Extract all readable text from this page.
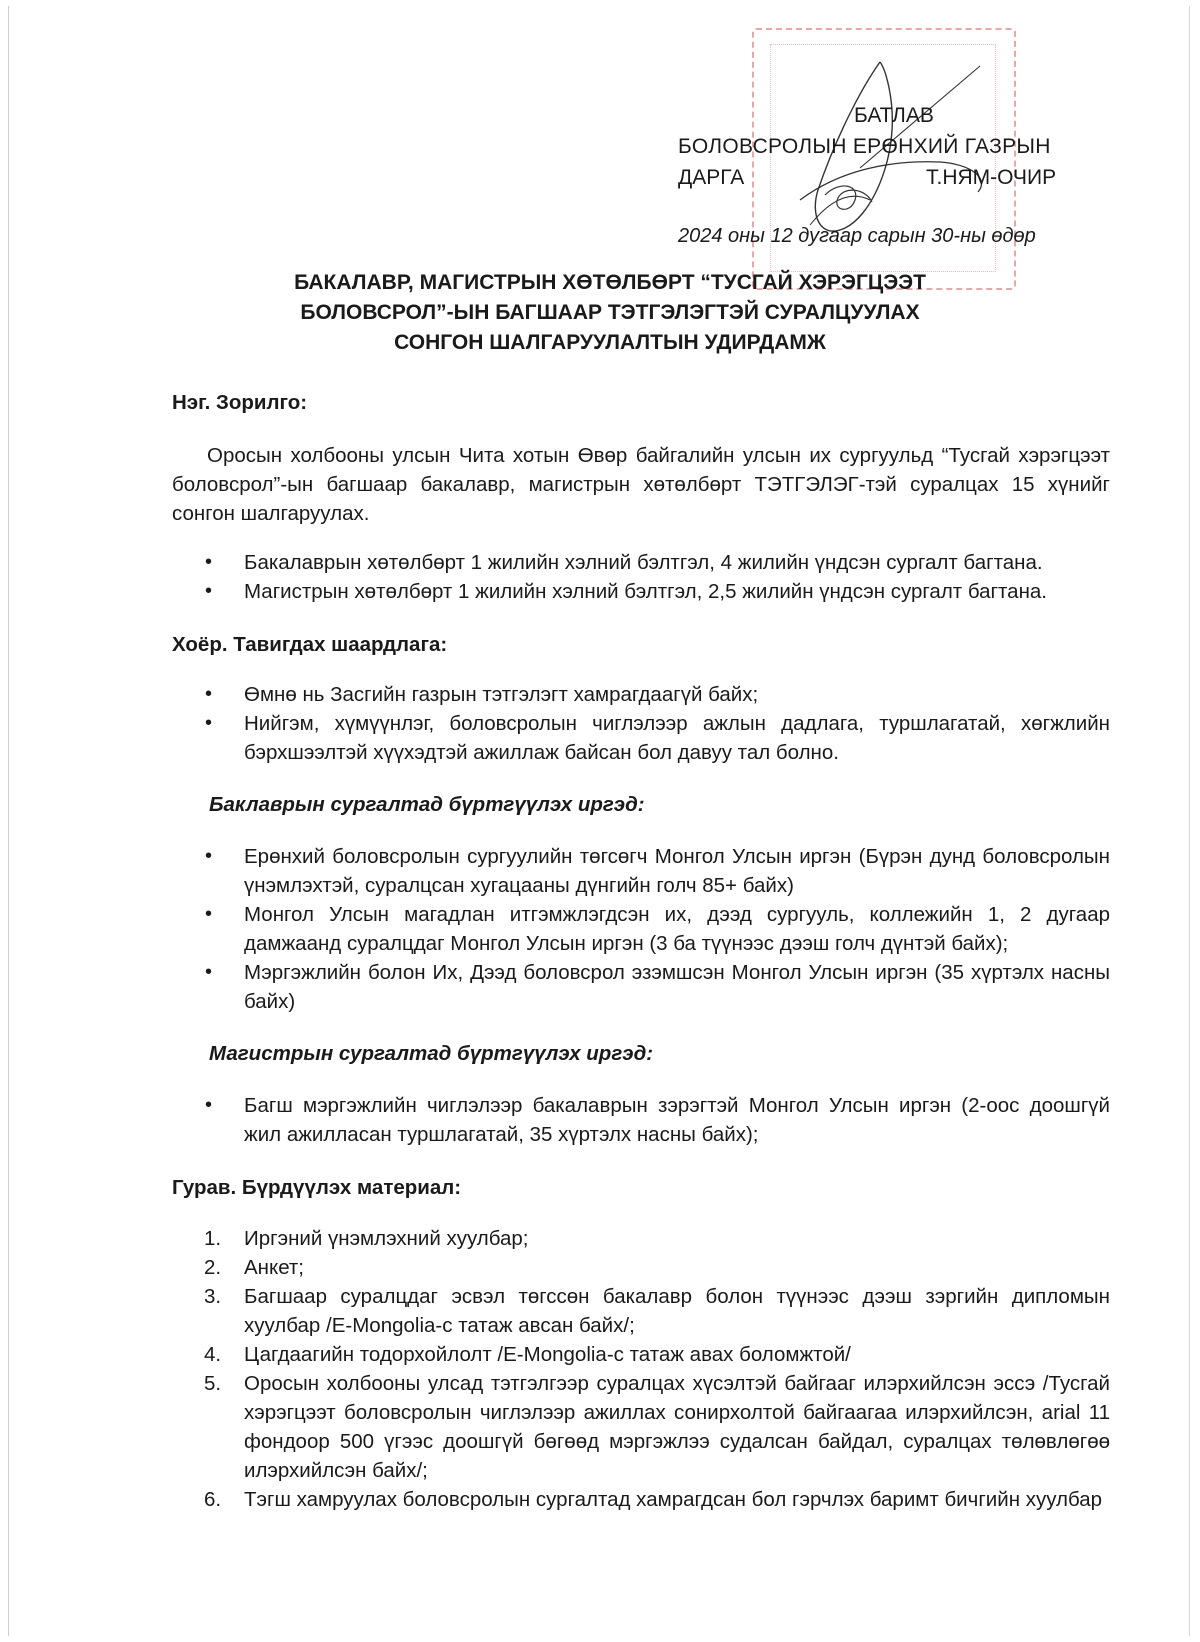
БАТЛАВ
БОЛОВСРОЛЫН ЕРӨНХИЙ ГАЗРЫН
ДАРГА	Т.НЯМ-ОЧИР
2024 оны 12 дугаар сарын 30-ны өдөр
БАКАЛАВР, МАГИСТРЫН ХӨТӨЛБӨРТ “ТУСГАЙ ХЭРЭГЦЭЭТ
БОЛОВСРОЛ”-ЫН БАГШААР ТЭТГЭЛЭГТЭЙ СУРАЛЦУУЛАХ
СОНГОН ШАЛГАРУУЛАЛТЫН УДИРДАМЖ
Нэг. Зорилго:

Оросын холбооны улсын Чита хотын Өвөр байгалийн улсын их сургуульд “Тусгай хэрэгцээт боловсрол”-ын багшаар бакалавр, магистрын хөтөлбөрт ТЭТГЭЛЭГ-тэй суралцах 15 хүнийг сонгон шалгаруулах.

• Бакалаврын хөтөлбөрт 1 жилийн хэлний бэлтгэл, 4 жилийн үндсэн сургалт багтана.
• Магистрын хөтөлбөрт 1 жилийн хэлний бэлтгэл, 2,5 жилийн үндсэн сургалт багтана.
Хоёр. Тавигдах шаардлага:
• Өмнө нь Засгийн газрын тэтгэлэгт хамрагдаагүй байх;
• Нийгэм, хүмүүнлэг, боловсролын чиглэлээр ажлын дадлага, туршлагатай, хөгжлийн бэрхшээлтэй хүүхэдтэй ажиллаж байсан бол давуу тал болно.
Баклаврын сургалтад бүртгүүлэх иргэд:
• Ерөнхий боловсролын сургуулийн төгсөгч Монгол Улсын иргэн (Бүрэн дунд боловсролын үнэмлэхтэй, суралцсан хугацааны дүнгийн голч 85+ байх)
• Монгол Улсын магадлан итгэмжлэгдсэн их, дээд сургууль, коллежийн 1, 2 дугаар дамжаанд суралцдаг Монгол Улсын иргэн (3 ба түүнээс дээш голч дүнтэй байх);
• Мэргэжлийн болон Их, Дээд боловсрол эзэмшсэн Монгол Улсын иргэн (35 хүртэлх насны байх)
Магистрын сургалтад бүртгүүлэх иргэд:
• Багш мэргэжлийн чиглэлээр бакалаврын зэрэгтэй Монгол Улсын иргэн (2-оос доошгүй жил ажилласан туршлагатай, 35 хүртэлх насны байх);
Гурав. Бүрдүүлэх материал:
1. Иргэний үнэмлэхний хуулбар;
2. Анкет;
3. Багшаар суралцдаг эсвэл төгссөн бакалавр болон түүнээс дээш зэргийн дипломын хуулбар /E-Mongolia-с татаж авсан байх/;
4. Цагдаагийн тодорхойлолт /E-Mongolia-с татаж авах боломжтой/
5. Оросын холбооны улсад тэтгэлгээр суралцах хүсэлтэй байгааг илэрхийлсэн эссэ /Тусгай хэрэгцээт боловсролын чиглэлээр ажиллах сонирхолтой байгаагаа илэрхийлсэн, arial 11 фондоор 500 үгээс доошгүй бөгөөд мэргэжлээ судалсан байдал, суралцах төлөвлөгөө илэрхийлсэн байх/;
6. Тэгш хамруулах боловсролын сургалтад хамрагдсан бол гэрчлэх баримт бичгийн хуулбар
